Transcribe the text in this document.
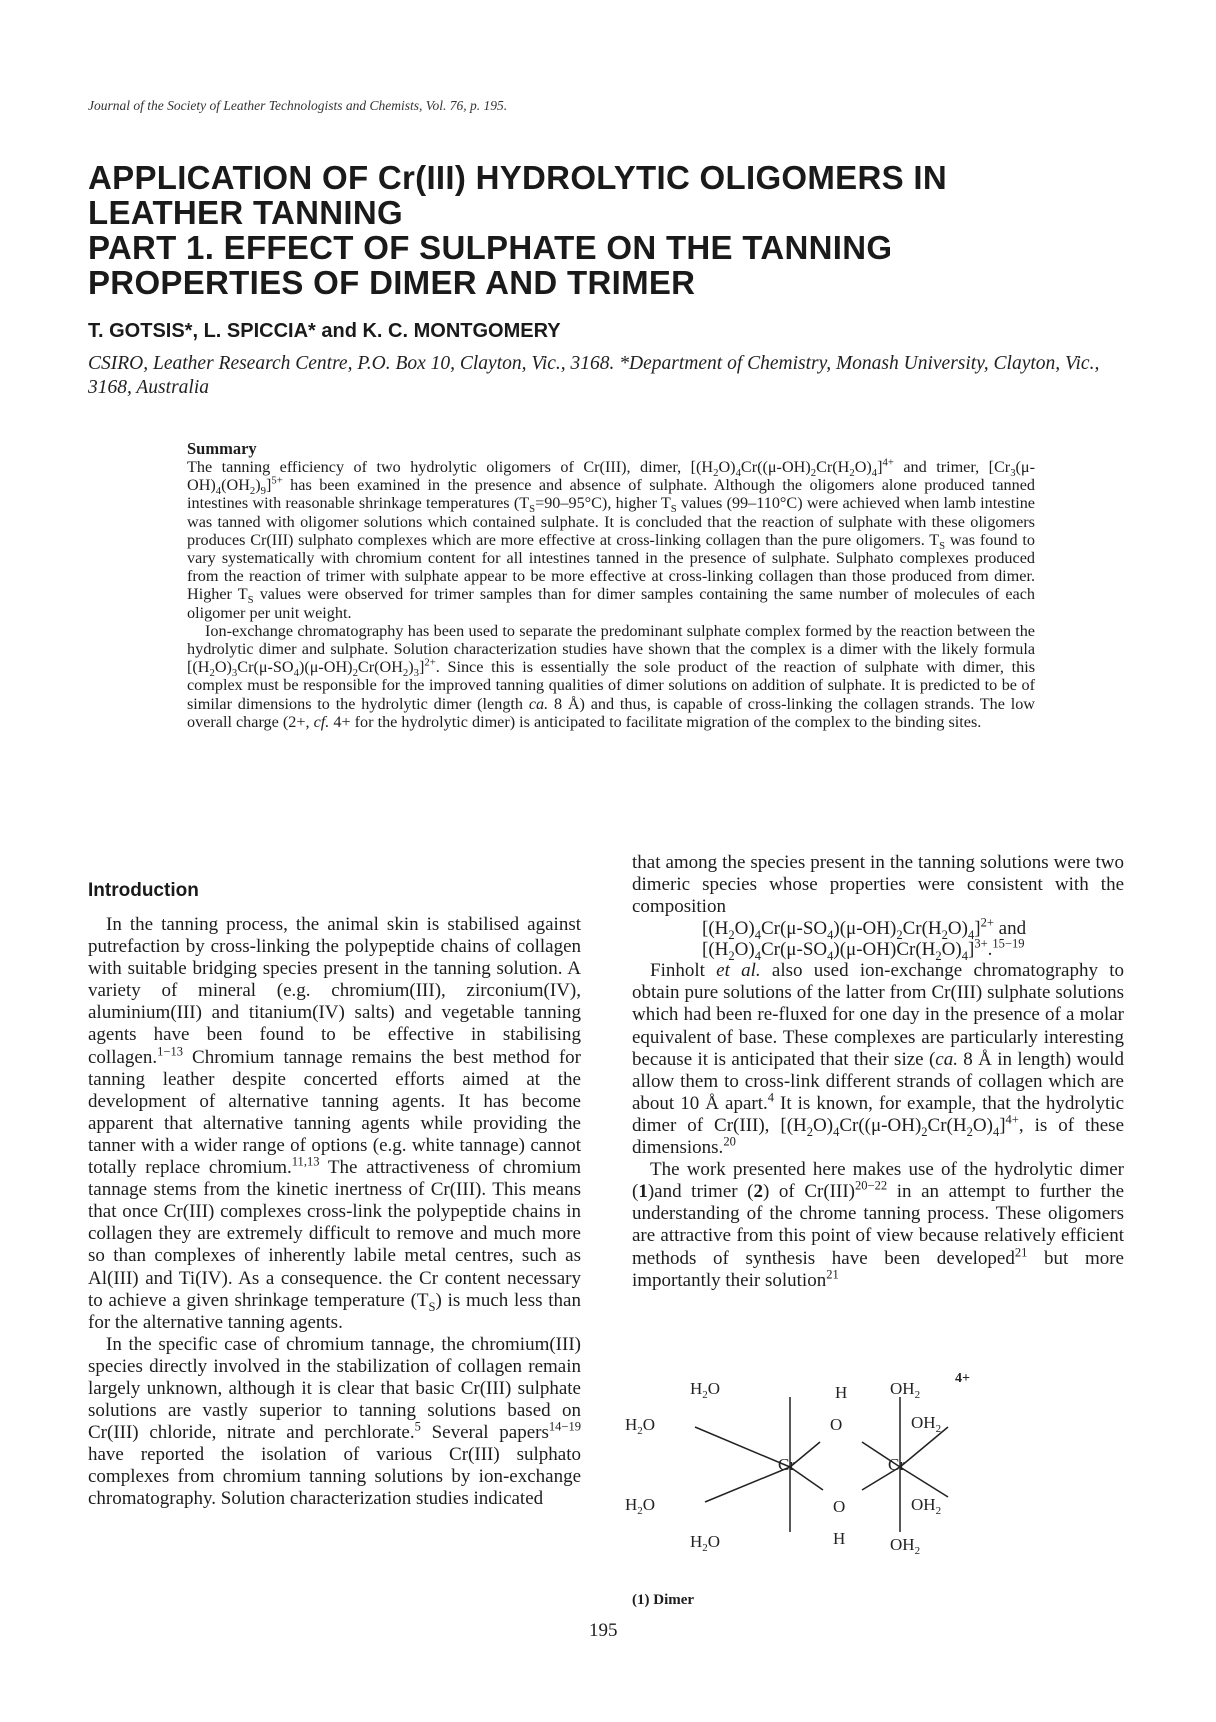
Journal of the Society of Leather Technologists and Chemists, Vol. 76, p. 195.
APPLICATION OF Cr(III) HYDROLYTIC OLIGOMERS IN
LEATHER TANNING
PART 1. EFFECT OF SULPHATE ON THE TANNING
PROPERTIES OF DIMER AND TRIMER
T. GOTSIS*, L. SPICCIA* and K. C. MONTGOMERY
CSIRO, Leather Research Centre, P.O. Box 10, Clayton, Vic., 3168. *Department of Chemistry, Monash University, Clayton, Vic., 3168, Australia
Summary

The tanning efficiency of two hydrolytic oligomers of Cr(III), dimer, [$(H_2O)_4Cr((\mu-OH)_2Cr(H_2O)_4]^{4+}$ and trimer, $[Cr_3(\mu-OH)_4(OH_2)_9]^{5+}$ has been examined in the presence and absence of sulphate. Although the oligomers alone produced tanned intestines with reasonable shrinkage temperatures $(T_S=90-95^\circ C)$, higher $T_S$ values (99–110°C) were achieved when lamb intestine was tanned with oligomer solutions which contained sulphate. It is concluded that the reaction of sulphate with these oligomers produces Cr(III) sulphato complexes which are more effective at cross-linking collagen than the pure oligomers. $T_S$ was found to vary systematically with chromium content for all intestines tanned in the presence of sulphate. Sulphato complexes produced from the reaction of trimer with sulphate appear to be more effective at cross-linking collagen than those produced from dimer. Higher $T_S$ values were observed for trimer samples than for dimer samples containing the same number of molecules of each oligomer per unit weight.

Ion-exchange chromatography has been used to separate the predominant sulphate complex formed by the reaction between the hydrolytic dimer and sulphate. Solution characterization studies have shown that the complex is a dimer with the likely formula $[(H_2O)_3Cr(\mu-SO_4)(\mu-OH)_2Cr(OH_2)_3]^{2+}$. Since this is essentially the sole product of the reaction of sulphate with dimer, this complex must be responsible for the improved tanning qualities of dimer solutions on addition of sulphate. It is predicted to be of similar dimensions to the hydrolytic dimer (length ca. 8 Å) and thus, is capable of cross-linking the collagen strands. The low overall charge (2+, cf. 4+ for the hydrolytic dimer) is anticipated to facilitate migration of the complex to the binding sites.

Introduction

In the tanning process, the animal skin is stabilised against putrefaction by cross-linking the polypeptide chains of collagen with suitable bridging species present in the tanning solution. A variety of mineral (e.g. chromium(III), zirconium(IV), aluminium(III) and titanium(IV) salts) and vegetable tanning agents have been found to be effective in stabilising collagen.$^{1-13}$ Chromium tannage remains the best method for tanning leather despite concerted efforts aimed at the development of alternative tanning agents. It has become apparent that alternative tanning agents while providing the tanner with a wider range of options (e.g. white tannage) cannot totally replace chromium.$^{11,13}$ The attractiveness of chromium tannage stems from the kinetic inertness of Cr(III). This means that once Cr(III) complexes cross-link the polypeptide chains in collagen they are extremely difficult to remove and much more so than complexes of inherently labile metal centres, such as Al(III) and Ti(IV). As a consequence. the Cr content necessary to achieve a given shrinkage temperature $(T_S)$ is much less than for the alternative tanning agents.

In the specific case of chromium tannage, the chromium(III) species directly involved in the stabilization of collagen remain largely unknown, although it is clear that basic Cr(III) sulphate solutions are vastly superior to tanning solutions based on Cr(III) chloride, nitrate and perchlorate.$^5$ Several papers$^{14-19}$ have reported the isolation of various Cr(III) sulphato complexes from chromium tanning solutions by ion-exchange chromatography. Solution characterization studies indicated

that among the species present in the tanning solutions were two dimeric species whose properties were consistent with the composition

$[(H_2O)_4Cr(\mu-SO_4)(\mu-OH)_2Cr(H_2O)_4]^{2+}$ and

$[(H_2O)_4Cr(\mu-SO_4)(\mu-OH)Cr(H_2O)_4]^{3+}.^{15-19}$

Finholt et al. also used ion-exchange chromatography to obtain pure solutions of the latter from Cr(III) sulphate solutions which had been re-fluxed for one day in the presence of a molar equivalent of base. These complexes are particularly interesting because it is anticipated that their size (ca. 8 Å in length) would allow them to cross-link different strands of collagen which are about 10 Å apart.$^4$ It is known, for example, that the hydrolytic dimer of Cr(III), [$(H_2O)_4Cr((\mu-OH)_2Cr(H_2O)_4]^{4+}$, is of these dimensions.$^{20}$

The work presented here makes use of the hydrolytic dimer (1)and trimer (2) of Cr(III)$^{20-22}$ in an attempt to further the understanding of the chrome tanning process. These oligomers are attractive from this point of view because relatively efficient methods of synthesis have been developed$^{21}$ but more importantly their solution$^{21}$

4+
$H_2O$	H	$OH_2$
$H_2O$	O	$OH_2$
Cr	Cr
$H_2O$	O	$OH_2$
$H_2O$	H	$OH_2$
(1) Dimer
195
